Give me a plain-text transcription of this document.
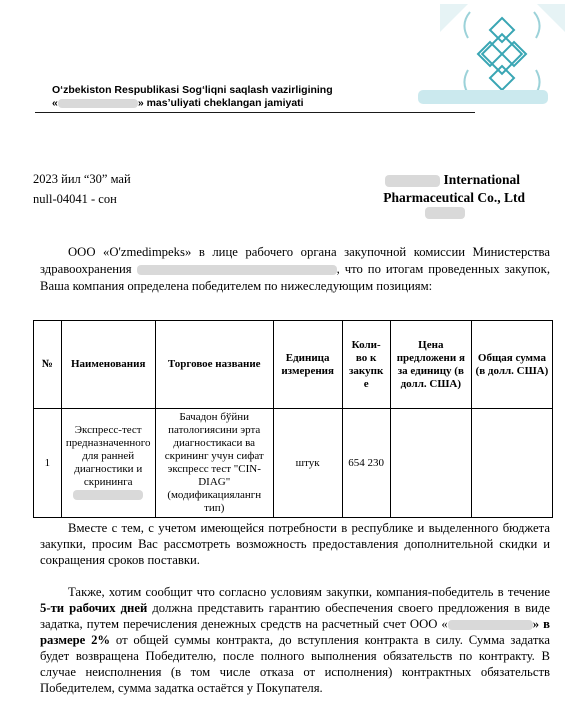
O‘zbekiston Respublikasi Sog‘liqni saqlash vazirligining
«	» mas’uliyati cheklangan jamiyati
2023 йил “30” май
null-04041 - сон
International
Pharmaceutical Co., Ltd
ООО «O'zmedimpeks» в лице рабочего органа закупочной комиссии Министерства здравоохранения	, что по итогам проведенных закупок, Ваша компания определена победителем по нижеследующим позициям:
№	Наименования	Торговое название	Единица измерения	Коли- во к закупк е	Цена предложени я за единицу (в долл. США)	Общая сумма (в долл. США)
1	Экспресс-тест предназначенного для ранней диагностики и скрининга	Бачадон бўйни патологиясини эрта диагностикаси ва скрининг учун сифат экспресс тест "CIN-DIAG" (модификациялангн тип)	штук	654 230		
Вместе с тем, с учетом имеющейся потребности в республике и выделенного бюджета закупки, просим Вас рассмотреть возможность предоставления дополнительной скидки и сокращения сроков поставки.
Также, хотим сообщит что согласно условиям закупки, компания-победитель в течение 5-ти рабочих дней должна представить гарантию обеспечения своего предложения в виде задатка, путем перечисления денежных средств на расчетный счет ООО «	» в размере 2% от общей суммы контракта, до вступления контракта в силу. Сумма задатка будет возвращена Победителю, после полного выполнения обязательств по контракту. В случае неисполнения (в том числе отказа от исполнения) контрактных обязательств Победителем, сумма задатка остаётся у Покупателя.
